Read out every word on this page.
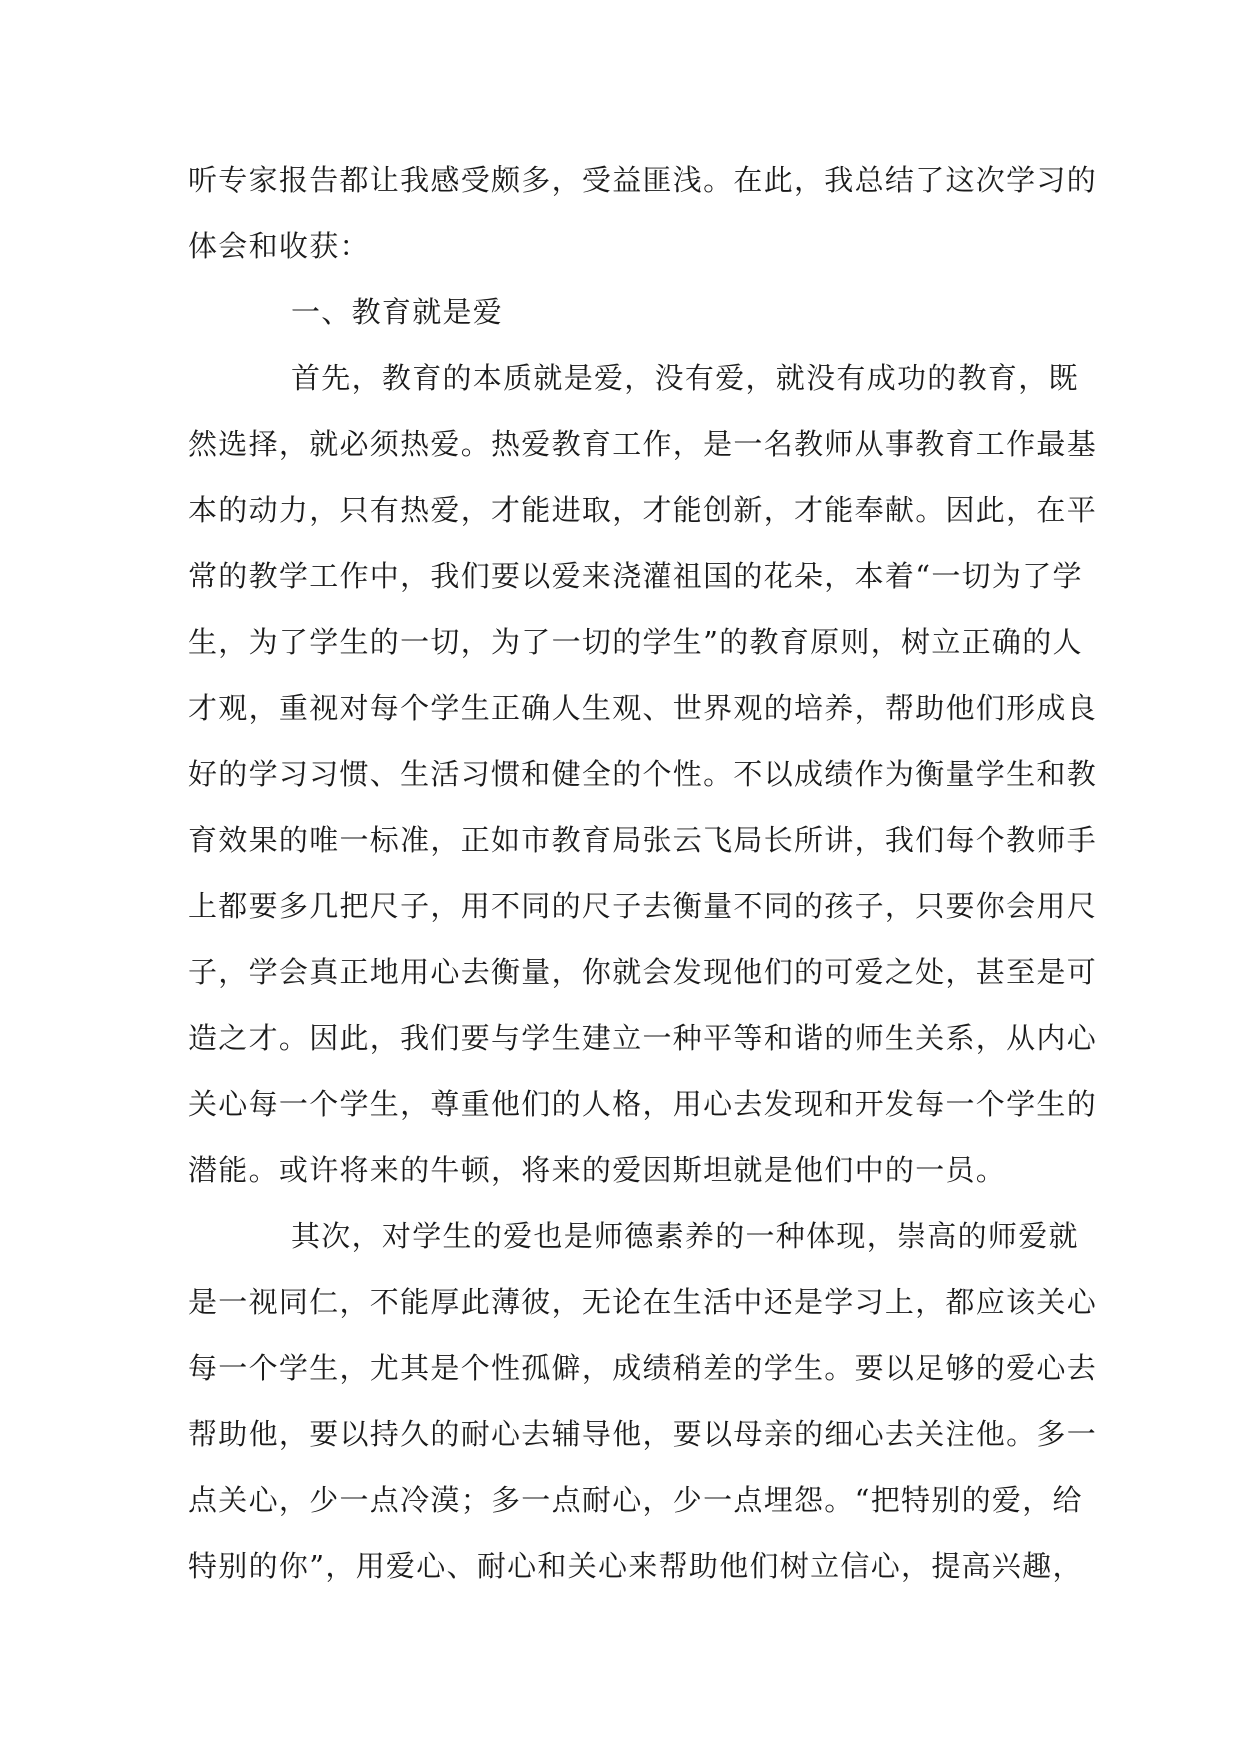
听专家报告都让我感受颇多，受益匪浅。在此，我总结了这次学习的
体会和收获：
一、教育就是爱
首先，教育的本质就是爱，没有爱，就没有成功的教育，既
然选择，就必须热爱。热爱教育工作，是一名教师从事教育工作最基
本的动力，只有热爱，才能进取，才能创新，才能奉献。因此，在平
常的教学工作中，我们要以爱来浇灌祖国的花朵，本着“一切为了学
生，为了学生的一切，为了一切的学生”的教育原则，树立正确的人
才观，重视对每个学生正确人生观、世界观的培养，帮助他们形成良
好的学习习惯、生活习惯和健全的个性。不以成绩作为衡量学生和教
育效果的唯一标准，正如市教育局张云飞局长所讲，我们每个教师手
上都要多几把尺子，用不同的尺子去衡量不同的孩子，只要你会用尺
子，学会真正地用心去衡量，你就会发现他们的可爱之处，甚至是可
造之才。因此，我们要与学生建立一种平等和谐的师生关系，从内心
关心每一个学生，尊重他们的人格，用心去发现和开发每一个学生的
潜能。或许将来的牛顿，将来的爱因斯坦就是他们中的一员。
其次，对学生的爱也是师德素养的一种体现，崇高的师爱就
是一视同仁，不能厚此薄彼，无论在生活中还是学习上，都应该关心
每一个学生，尤其是个性孤僻，成绩稍差的学生。要以足够的爱心去
帮助他，要以持久的耐心去辅导他，要以母亲的细心去关注他。多一
点关心，少一点冷漠；多一点耐心，少一点埋怨。“把特别的爱，给
特别的你”，用爱心、耐心和关心来帮助他们树立信心，提高兴趣，
